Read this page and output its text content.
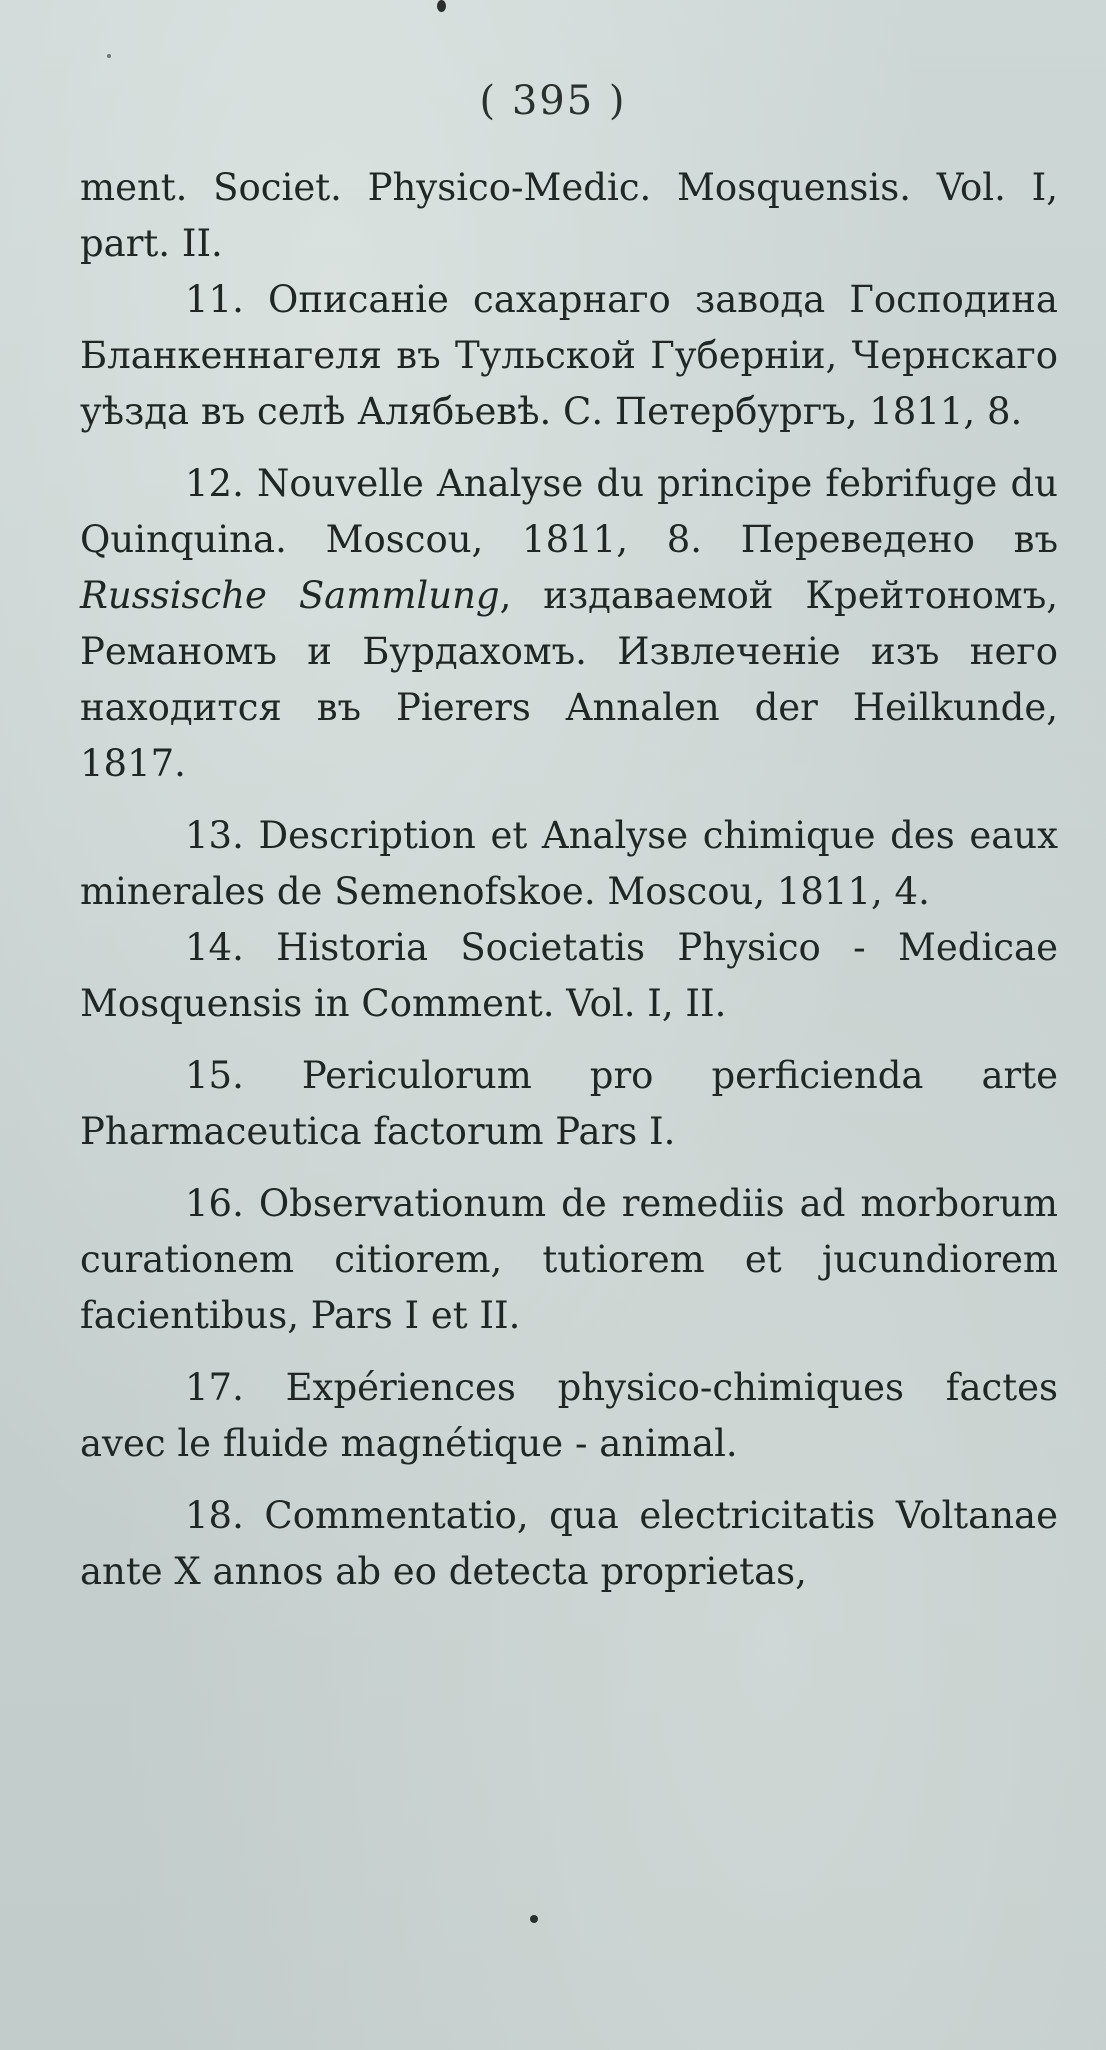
( 395 )

ment. Societ. Physico-Medic. Mosquensis. Vol. I, part. II.

11. Описаніе сахарнаго завода Господина Бланкеннагеля въ Тульской Губерніи, Чернскаго уѣзда въ селѣ Алябьевѣ. С. Петербургъ, 1811, 8.

12. Nouvelle Analyse du principe febrifuge du Quinquina. Moscou, 1811, 8. Переведено въ Russische Sammlung, издаваемой Крейтономъ, Реманомъ и Бурдахомъ. Извлеченіе изъ него находится въ Pierers Annalen der Heilkunde, 1817.

13. Description et Analyse chimique des eaux minerales de Semenofskoe. Moscou, 1811, 4.

14. Historia Societatis Physico - Medicae Mosquensis in Comment. Vol. I, II.

15. Periculorum pro perficienda arte Pharmaceutica factorum Pars I.

16. Observationum de remediis ad morborum curationem citiorem, tutiorem et jucundiorem facientibus, Pars I et II.

17. Expériences physico-chimiques factes avec le fluide magnétique - animal.

18. Commentatio, qua electricitatis Voltanae ante X annos ab eo detecta proprietas,
